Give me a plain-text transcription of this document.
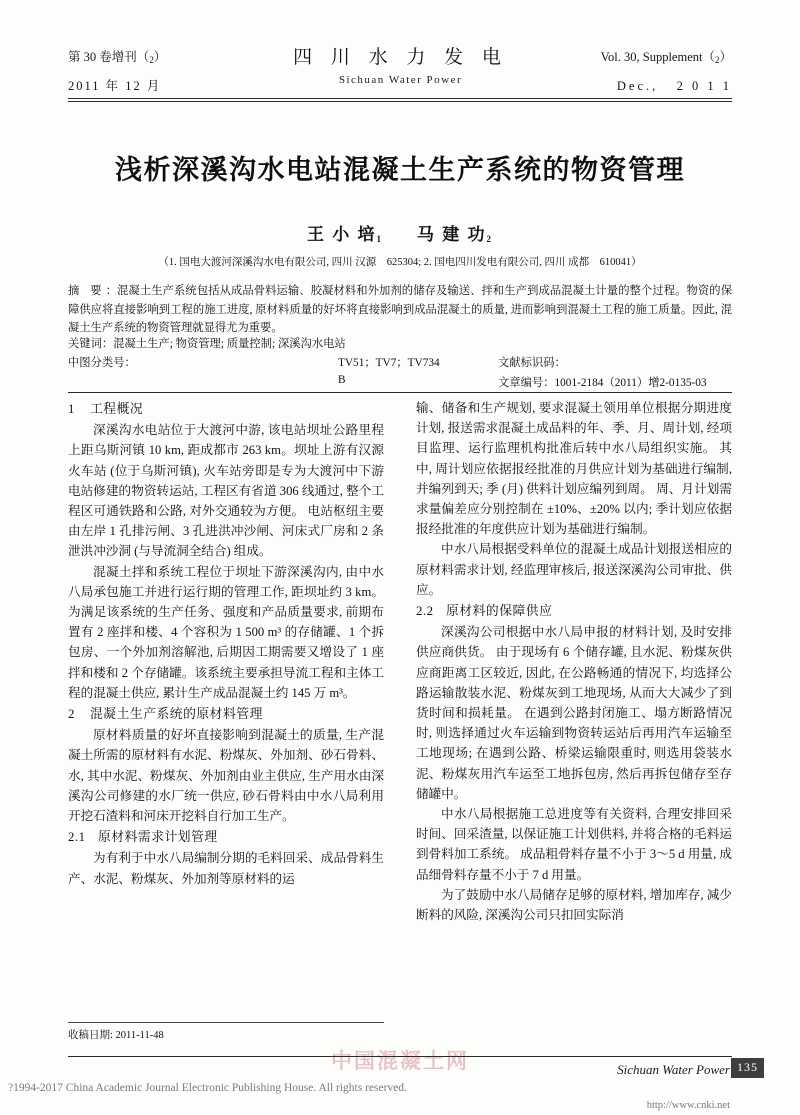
第 30 卷增刊$(_2)$
2011 年 12 月
四 川 水 力 发 电
Sichuan Water Power
Vol. 30, $Supplement(_2)$
Dec.,   2 0 1 1
浅析深溪沟水电站混凝土生产系统的物资管理
王 小 培$_1$ 马 建 功$_2$
（1. 国电大渡河深溪沟水电有限公司, 四川 汉源　625304; 2. 国电四川发电有限公司, 四川 成都　610041）
摘 要：混凝土生产系统包括从成品骨料运输、胶凝材料和外加剂的储存及输送、拌和生产到成品混凝土计量的整个过程。物资的保障供应将直接影响到工程的施工进度, 原材料质量的好坏将直接影响到成品混凝土的质量, 进而影响到混凝土工程的施工质量。因此, 混凝土生产系统的物资管理就显得尤为重要。
关键词：混凝土生产; 物资管理; 质量控制; 深溪沟水电站
中图分类号：	TV51；TV7；TV734	文献标识码：
B	文章编号：1001-2184（2011）增2-0135-03
1 工程概况

深溪沟水电站位于大渡河中游, 该电站坝址公路里程上距乌斯河镇 10 km, 距成都市 263 km。坝址上游有汉源火车站 (位于乌斯河镇), 火车站旁即是专为大渡河中下游电站修建的物资转运站, 工程区有省道 306 线通过, 整个工程区可通铁路和公路, 对外交通较为方便。 电站枢纽主要由左岸 1 孔排污闸、3 孔进洪冲沙闸、河床式厂房和 2 条泄洪冲沙洞 (与导流洞全结合) 组成。

混凝土拌和系统工程位于坝址下游深溪沟内, 由中水八局承包施工并进行运行期的管理工作, 距坝址约 3 km。为满足该系统的生产任务、强度和产品质量要求, 前期布置有 2 座拌和楼、4 个容积为 1 500 m³ 的存储罐、1 个拆包房、一个外加剂溶解池, 后期因工期需要又增设了 1 座拌和楼和 2 个存储罐。该系统主要承担导流工程和主体工程的混凝土供应, 累计生产成品混凝土约 145 万 m³。

2 混凝土生产系统的原材料管理

原材料质量的好坏直接影响到混凝土的质量, 生产混凝土所需的原材料有水泥、粉煤灰、外加剂、砂石骨料、水, 其中水泥、粉煤灰、外加剂由业主供应, 生产用水由深溪沟公司修建的水厂统一供应, 砂石骨料由中水八局利用开挖石渣料和河床开挖料自行加工生产。

2.1 原材料需求计划管理

为有利于中水八局编制分期的毛料回采、成品骨料生产、水泥、粉煤灰、外加剂等原材料的运

输、储备和生产规划, 要求混凝土领用单位根据分期进度计划, 报送需求混凝土成品料的年、季、月、周计划, 经项目监理、运行监理机构批准后转中水八局组织实施。 其中, 周计划应依据报经批准的月供应计划为基础进行编制, 并编列到天; 季 (月) 供料计划应编列到周。 周、月计划需求量偏差应分别控制在 ±10%、±20% 以内; 季计划应依据报经批准的年度供应计划为基础进行编制。

中水八局根据受料单位的混凝土成品计划报送相应的原材料需求计划, 经监理审核后, 报送深溪沟公司审批、供应。

2.2 原材料的保障供应

深溪沟公司根据中水八局申报的材料计划, 及时安排供应商供货。 由于现场有 6 个储存罐, 且水泥、粉煤灰供应商距离工区较近, 因此, 在公路畅通的情况下, 均选择公路运输散装水泥、粉煤灰到工地现场, 从而大大减少了到货时间和损耗量。 在遇到公路封闭施工、塌方断路情况时, 则选择通过火车运输到物资转运站后再用汽车运输至工地现场; 在遇到公路、桥梁运输限重时, 则选用袋装水泥、粉煤灰用汽车运至工地拆包房, 然后再拆包储存至存储罐中。

中水八局根据施工总进度等有关资料, 合理安排回采时间、回采渣量, 以保证施工计划供料, 并将合格的毛料运到骨料加工系统。 成品粗骨料存量不小于 3～5 d 用量, 成品细骨料存量不小于 7 d 用量。

为了鼓励中水八局储存足够的原材料, 增加库存, 减少断料的风险, 深溪沟公司只扣回实际消

收稿日期: 2011-11-48
中国混凝土网	Sichuan Water Power 135
?1994-2017 China Academic Journal Electronic Publishing House. All rights reserved.
http://www.cnki.net
